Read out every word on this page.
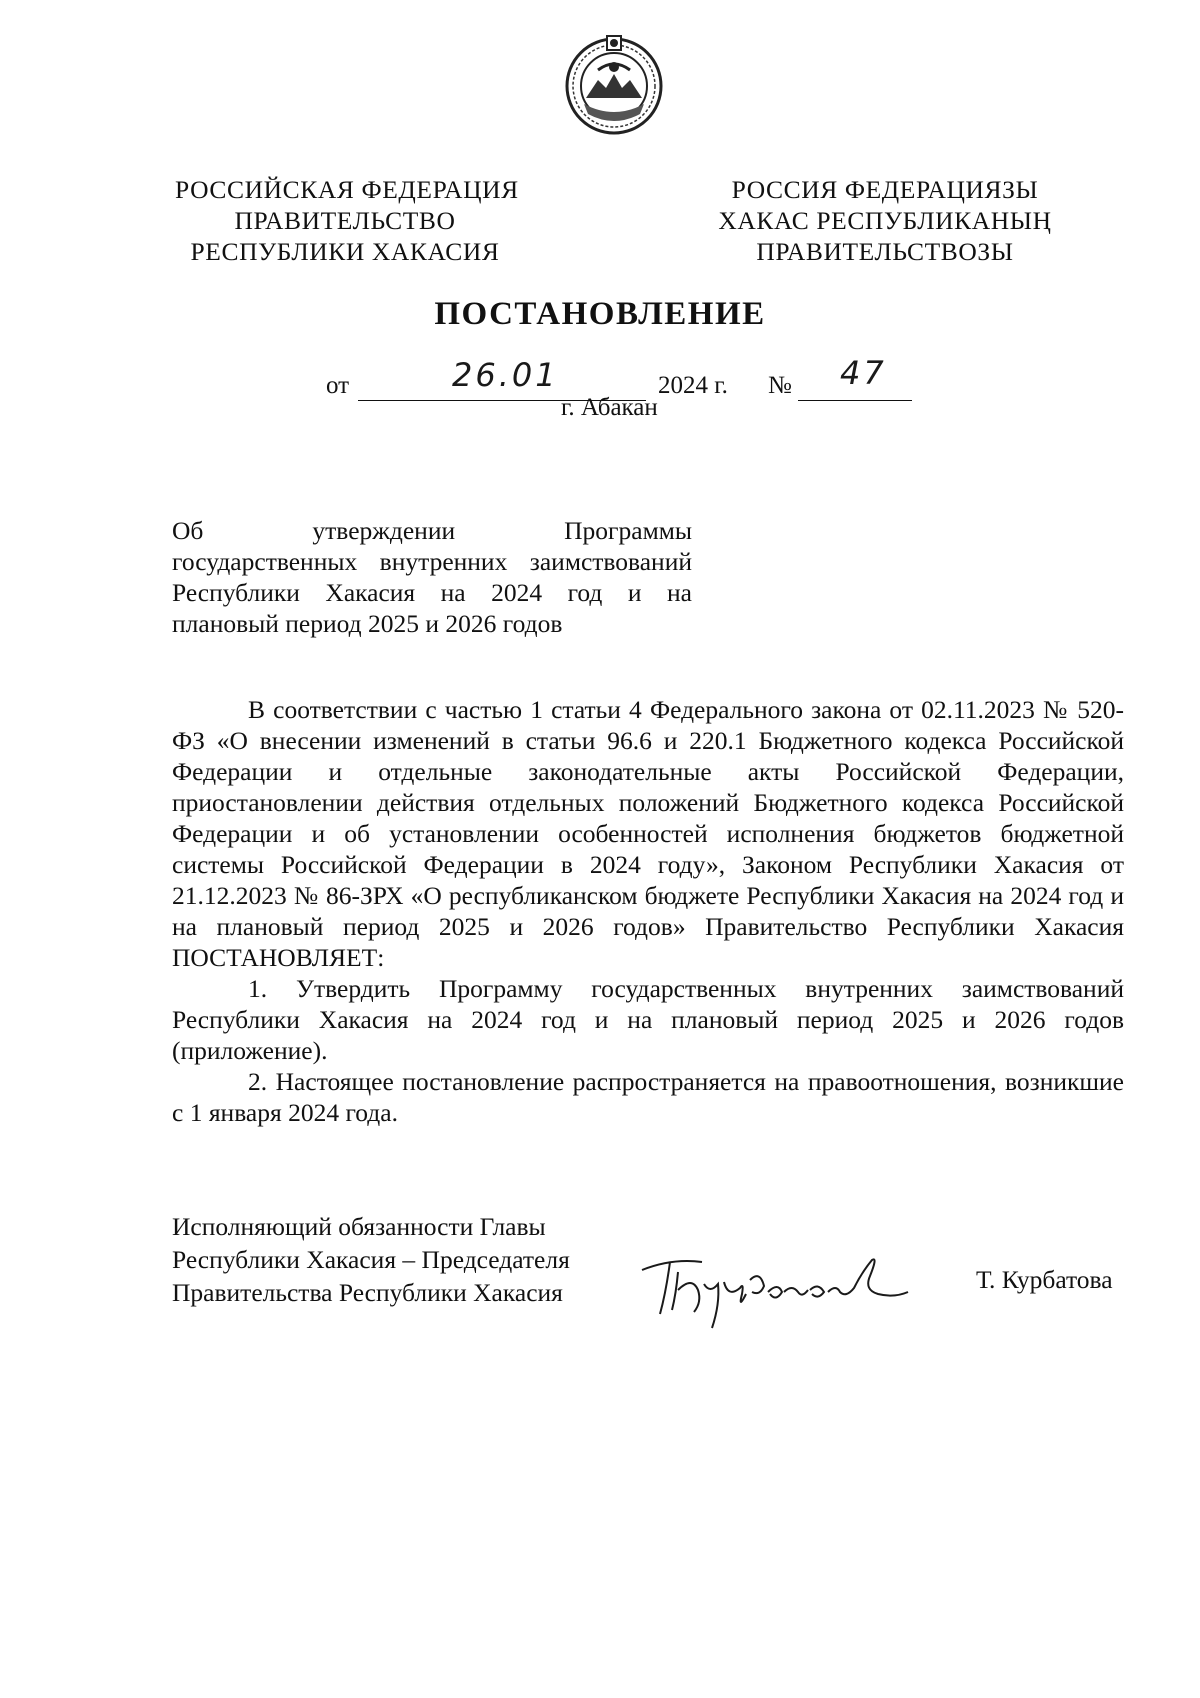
РОССИЙСКАЯ ФЕДЕРАЦИЯ
ПРАВИТЕЛЬСТВО
РЕСПУБЛИКИ ХАКАСИЯ
РОССИЯ ФЕДЕРАЦИЯЗЫ
ХАКАС РЕСПУБЛИКАНЫҢ
ПРАВИТЕЛЬСТВОЗЫ
ПОСТАНОВЛЕНИЕ
от	26.01	2024 г. № 47
г. Абакан
Об утверждении Программы
государственных внутренних заимствований
Республики Хакасия на 2024 год и на
плановый период 2025 и 2026 годов

В соответствии с частью 1 статьи 4 Федерального закона от 02.11.2023 № 520-ФЗ «О внесении изменений в статьи 96.6 и 220.1 Бюджетного кодекса Российской Федерации и отдельные законодательные акты Российской Федерации, приостановлении действия отдельных положений Бюджетного кодекса Российской Федерации и об установлении особенностей исполнения бюджетов бюджетной системы Российской Федерации в 2024 году», Законом Республики Хакасия от 21.12.2023 № 86-ЗРХ «О республиканском бюджете Республики Хакасия на 2024 год и на плановый период 2025 и 2026 годов» Правительство Республики Хакасия ПОСТАНОВЛЯЕТ:

1. Утвердить Программу государственных внутренних заимствований Республики Хакасия на 2024 год и на плановый период 2025 и 2026 годов (приложение).

2. Настоящее постановление распространяется на правоотношения, возникшие с 1 января 2024 года.

Исполняющий обязанности Главы
Республики Хакасия – Председателя
Правительства Республики Хакасия	Т. Курбатова
